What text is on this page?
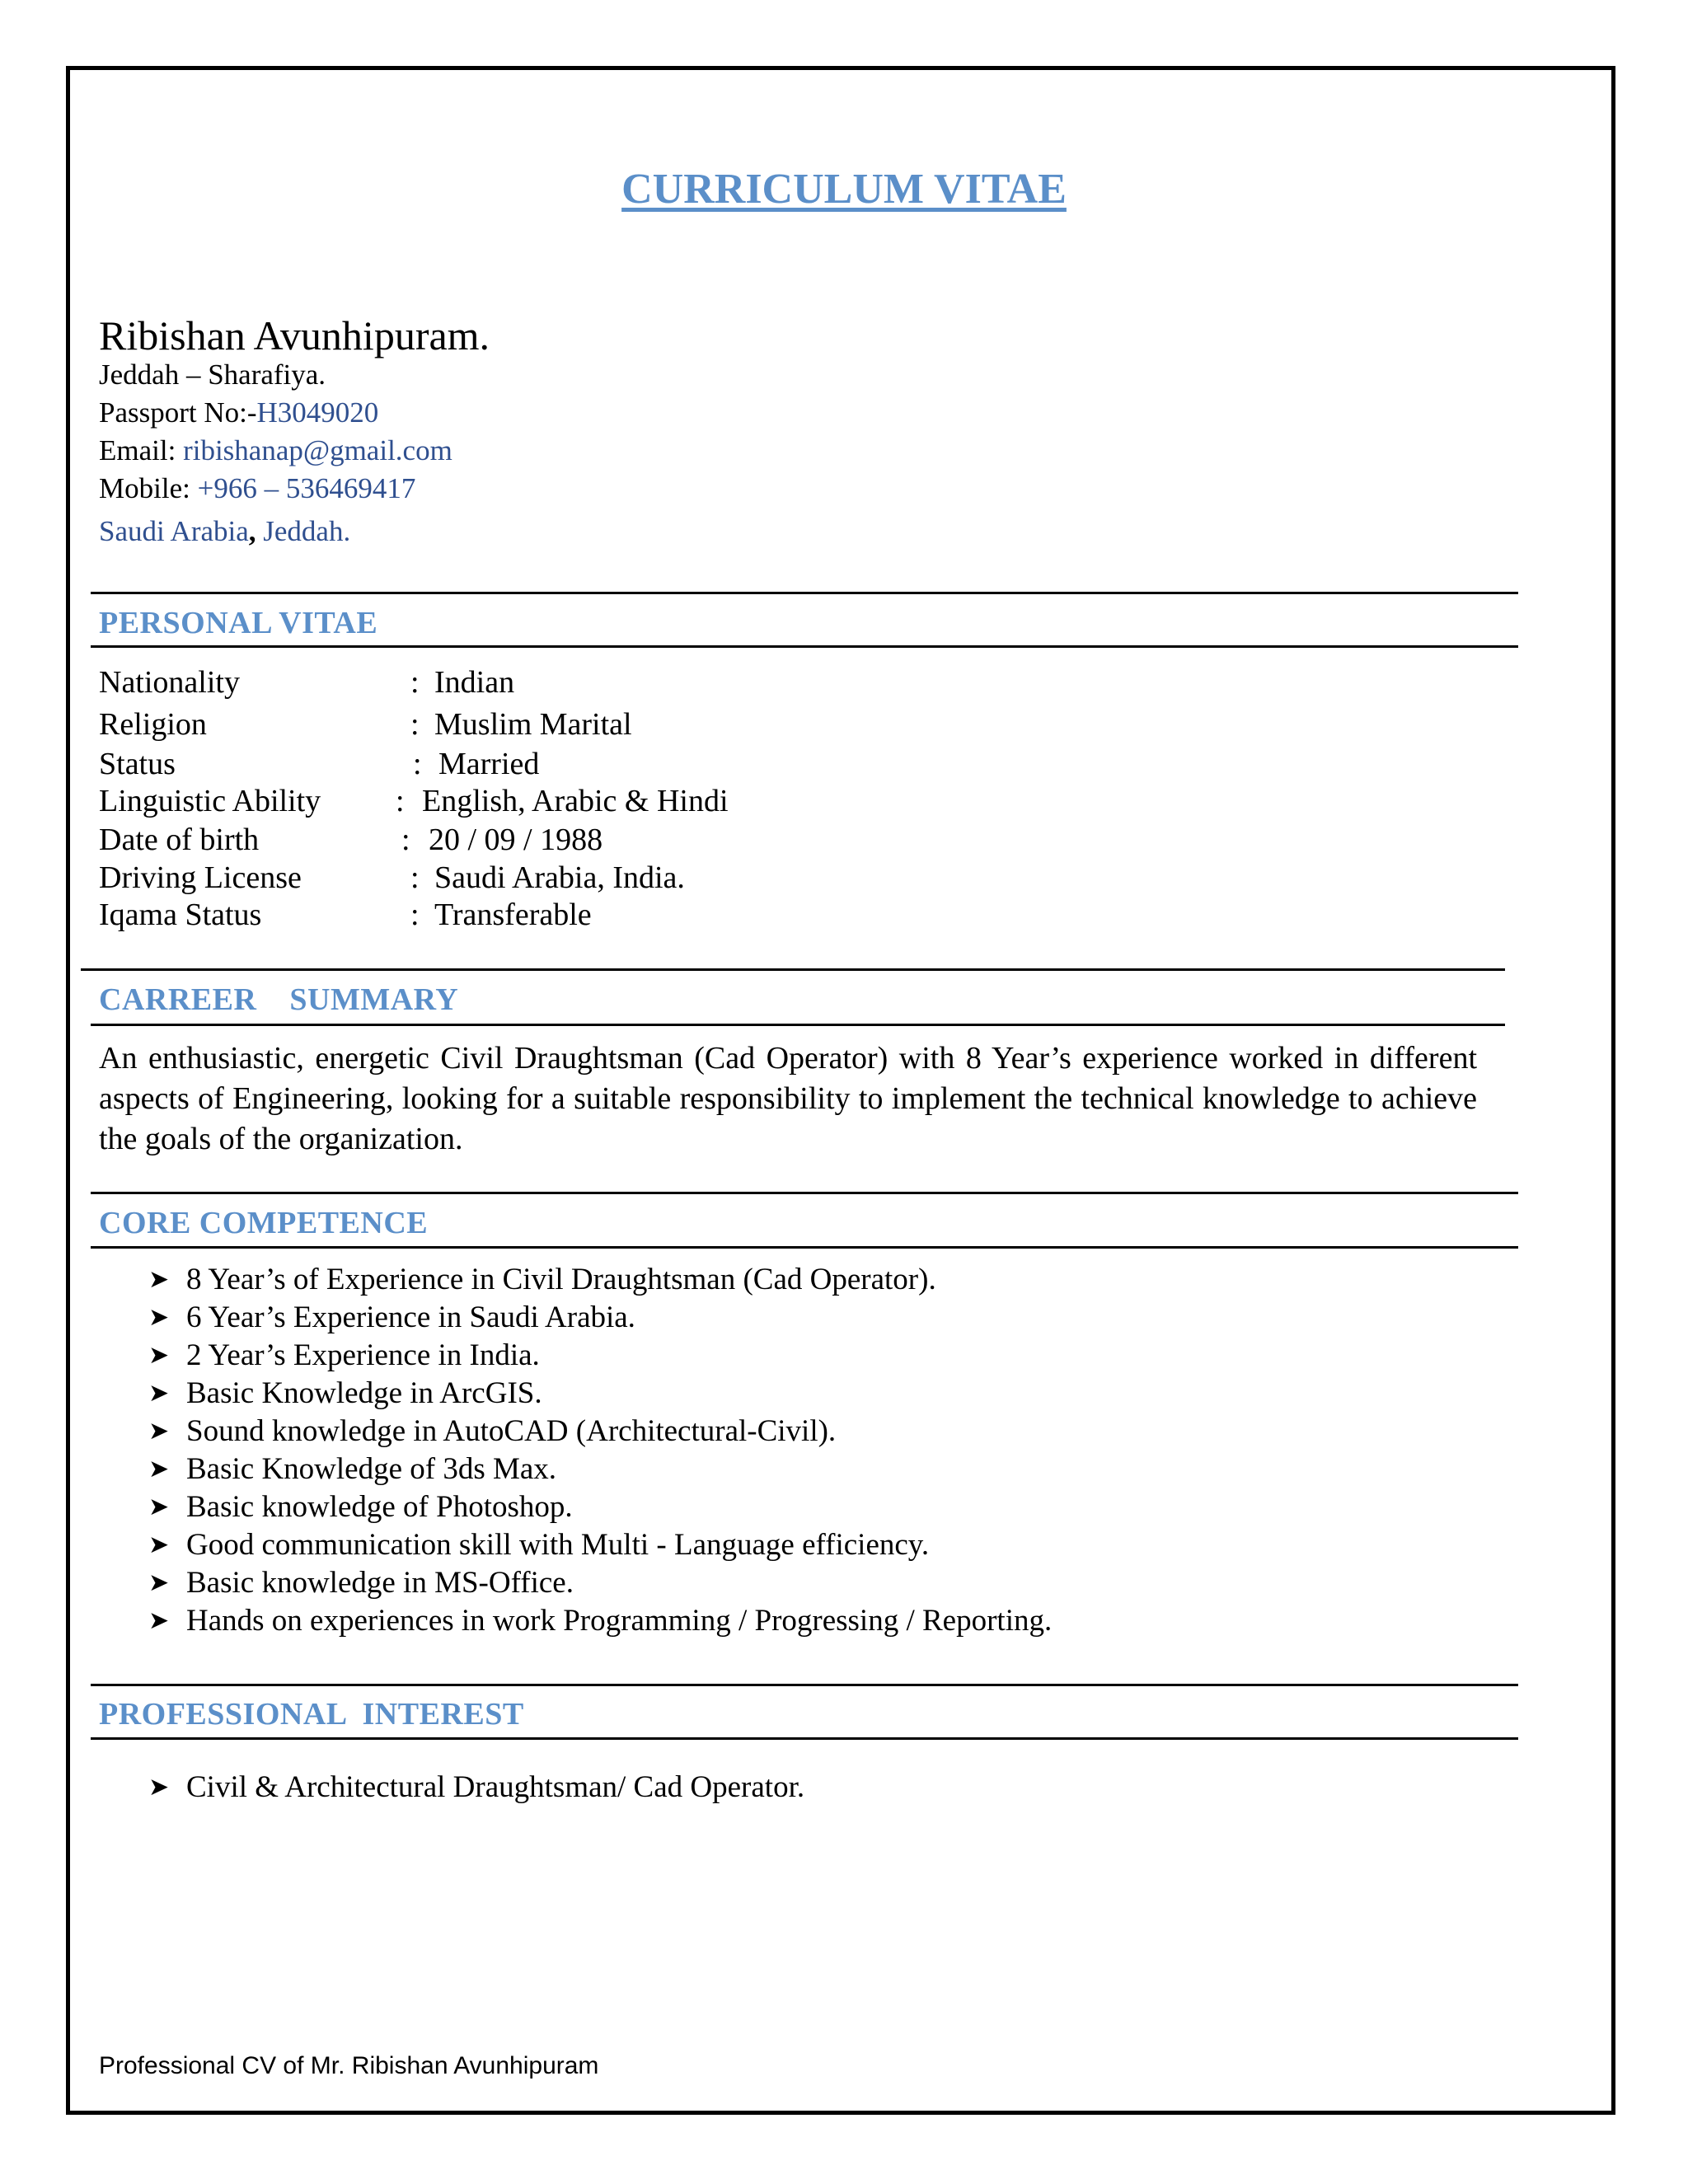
CURRICULUM VITAE
Ribishan Avunhipuram.
Jeddah – Sharafiya.
Passport No:-H3049020
Email: ribishanap@gmail.com
Mobile: +966 – 536469417
Saudi Arabia, Jeddah.
PERSONAL VITAE
Nationality	: Indian
Religion	: Muslim Marital
Status	: Married
Linguistic Ability : English, Arabic & Hindi
Date of birth	: 20 / 09 / 1988
Driving License	: Saudi Arabia, India.
Iqama Status	: Transferable
CARREER    SUMMARY
An enthusiastic, energetic Civil Draughtsman (Cad Operator) with 8 Year’s experience worked in different aspects of Engineering, looking for a suitable responsibility to implement the technical knowledge to achieve the goals of the organization.
CORE COMPETENCE
➤ 8 Year’s of Experience in Civil Draughtsman (Cad Operator).
➤ 6 Year’s Experience in Saudi Arabia.
➤ 2 Year’s Experience in India.
➤ Basic Knowledge in ArcGIS.
➤ Sound knowledge in AutoCAD (Architectural-Civil).
➤ Basic Knowledge of 3ds Max.
➤ Basic knowledge of Photoshop.
➤ Good communication skill with Multi - Language efficiency.
➤ Basic knowledge in MS-Office.
➤ Hands on experiences in work Programming / Progressing / Reporting.
PROFESSIONAL  INTEREST
➤ Civil & Architectural Draughtsman/ Cad Operator.
Professional CV of Mr. Ribishan Avunhipuram
